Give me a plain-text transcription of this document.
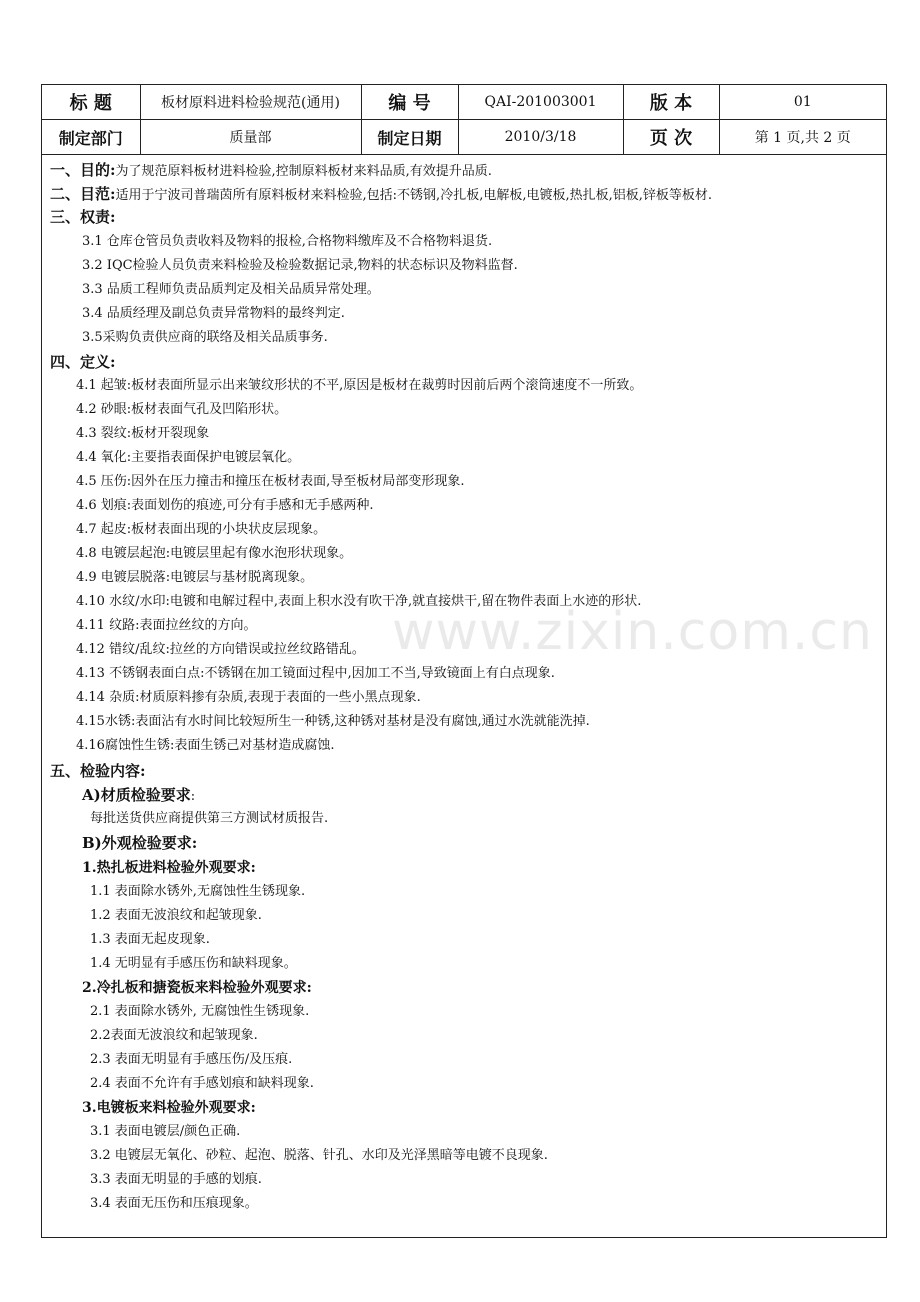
标 题	板材原料进料检验规范(通用)	编 号	QAI-201003001	版 本	01
制定部门	质量部	制定日期	2010/3/18	页 次	第 1 页,共 2 页
www.zixin.com.cn
一、目的:为了规范原料板材进料检验,控制原料板材来料品质,有效提升品质.
二、目范:适用于宁波司普瑞茵所有原料板材来料检验,包括:不锈钢,冷扎板,电解板,电镀板,热扎板,铝板,锌板等板材.
三、权责:
3.1 仓库仓管员负责收料及物料的报检,合格物料缴库及不合格物料退货.
3.2 IQC检验人员负责来料检验及检验数据记录,物料的状态标识及物料监督.
3.3 品质工程师负责品质判定及相关品质异常处理。
3.4 品质经理及副总负责异常物料的最终判定.
3.5采购负责供应商的联络及相关品质事务.
四、定义:
4.1 起皱:板材表面所显示出来皱纹形状的不平,原因是板材在裁剪时因前后两个滚筒速度不一所致。
4.2 砂眼:板材表面气孔及凹陷形状。
4.3 裂纹:板材开裂现象
4.4 氧化:主要指表面保护电镀层氧化。
4.5 压伤:因外在压力撞击和撞压在板材表面,导至板材局部变形现象.
4.6 划痕:表面划伤的痕迹,可分有手感和无手感两种.
4.7 起皮:板材表面出现的小块状皮层现象。
4.8 电镀层起泡:电镀层里起有像水泡形状现象。
4.9 电镀层脱落:电镀层与基材脱离现象。
4.10 水纹/水印:电镀和电解过程中,表面上积水没有吹干净,就直接烘干,留在物件表面上水迹的形状.
4.11 纹路:表面拉丝纹的方向。
4.12 错纹/乱纹:拉丝的方向错误或拉丝纹路错乱。
4.13 不锈钢表面白点:不锈钢在加工镜面过程中,因加工不当,导致镜面上有白点现象.
4.14 杂质:材质原料掺有杂质,表现于表面的一些小黑点现象.
4.15水锈:表面沾有水时间比较短所生一种锈,这种锈对基材是没有腐蚀,通过水洗就能洗掉.
4.16腐蚀性生锈:表面生锈己对基材造成腐蚀.
五、检验内容:
A)材质检验要求:
每批送货供应商提供第三方测试材质报告.
B)外观检验要求:
1.热扎板进料检验外观要求:
1.1 表面除水锈外,无腐蚀性生锈现象.
1.2 表面无波浪纹和起皱现象.
1.3 表面无起皮现象.
1.4 无明显有手感压伤和缺料现象。
2.冷扎板和搪瓷板来料检验外观要求:
2.1 表面除水锈外, 无腐蚀性生锈现象.
2.2表面无波浪纹和起皱现象.
2.3 表面无明显有手感压伤/及压痕.
2.4 表面不允许有手感划痕和缺料现象.
3.电镀板来料检验外观要求:
3.1 表面电镀层/颜色正确.
3.2 电镀层无氧化、砂粒、起泡、脱落、针孔、水印及光泽黑暗等电镀不良现象.
3.3 表面无明显的手感的划痕.
3.4 表面无压伤和压痕现象。
